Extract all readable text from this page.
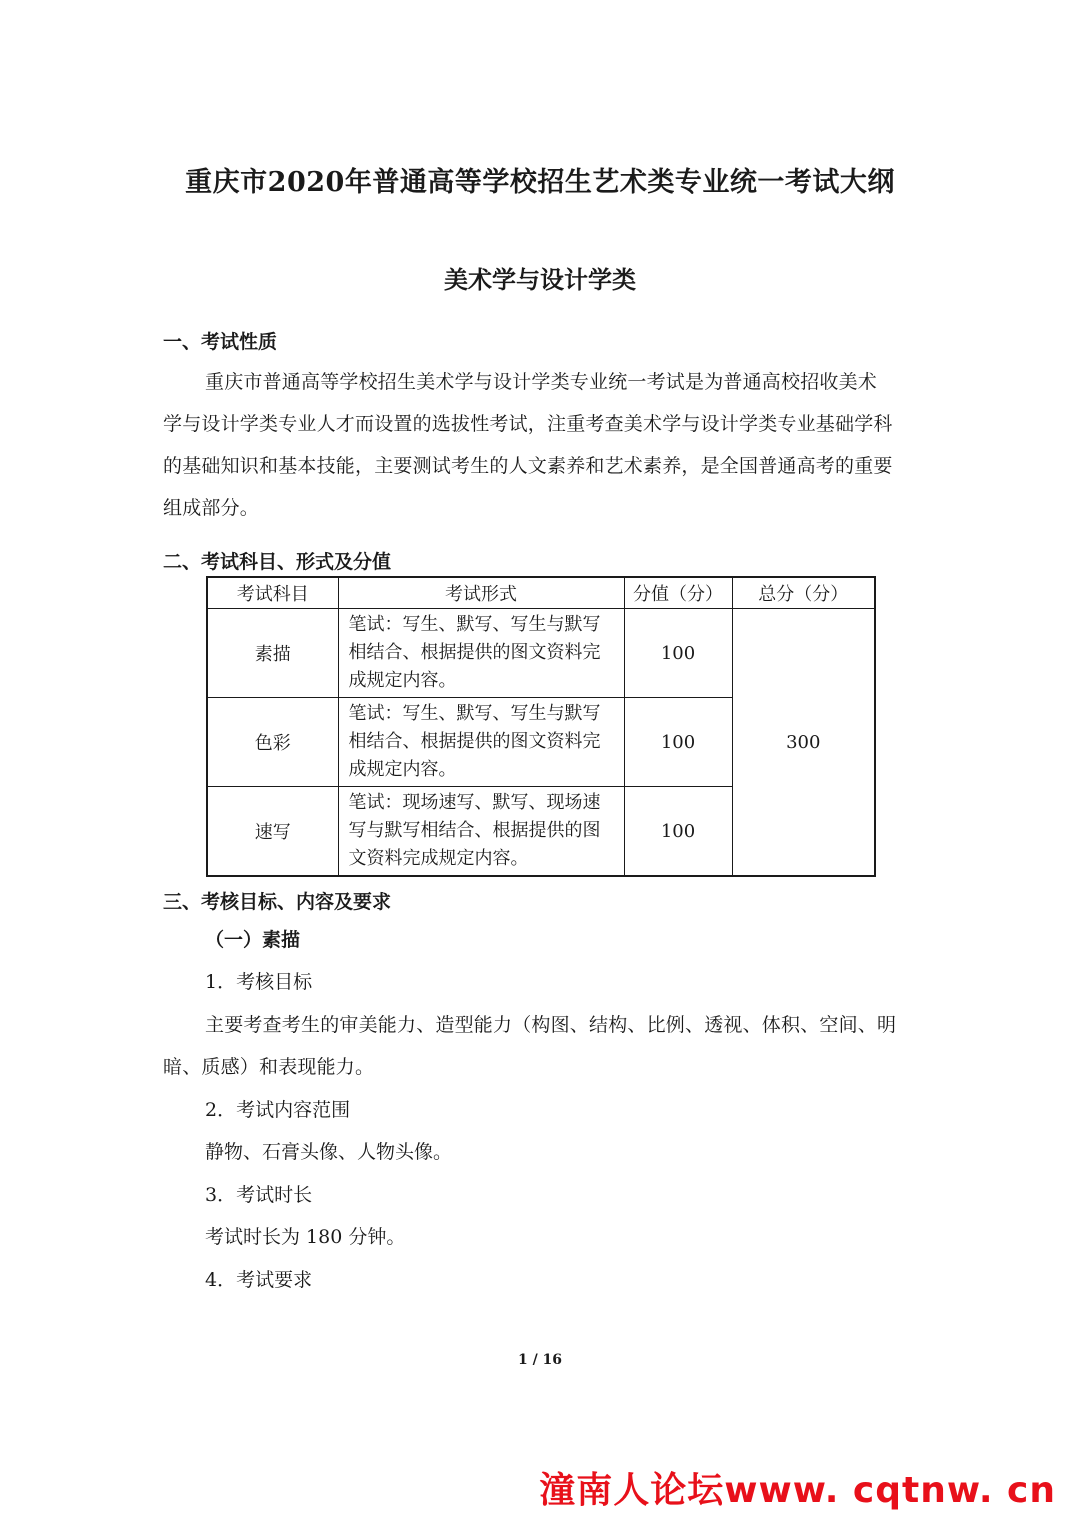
重庆市2020年普通高等学校招生艺术类专业统一考试大纲
美术学与设计学类
一、考试性质
重庆市普通高等学校招生美术学与设计学类专业统一考试是为普通高校招收美术
学与设计学类专业人才而设置的选拔性考试，注重考查美术学与设计学类专业基础学科
的基础知识和基本技能，主要测试考生的人文素养和艺术素养，是全国普通高考的重要
组成部分。
二、考试科目、形式及分值
考试科目	考试形式	分值（分）	总分（分）
素描	笔试：写生、默写、写生与默写相结合、根据提供的图文资料完成规定内容。	100	300
色彩	笔试：写生、默写、写生与默写相结合、根据提供的图文资料完成规定内容。	100	
速写	笔试：现场速写、默写、现场速写与默写相结合、根据提供的图文资料完成规定内容。	100	
三、考核目标、内容及要求
（一）素描
1．考核目标
主要考查考生的审美能力、造型能力（构图、结构、比例、透视、体积、空间、明
暗、质感）和表现能力。
2．考试内容范围
静物、石膏头像、人物头像。
3．考试时长
考试时长为 180 分钟。
4．考试要求
1 / 16
潼南人论坛www. cqtnw. cn
